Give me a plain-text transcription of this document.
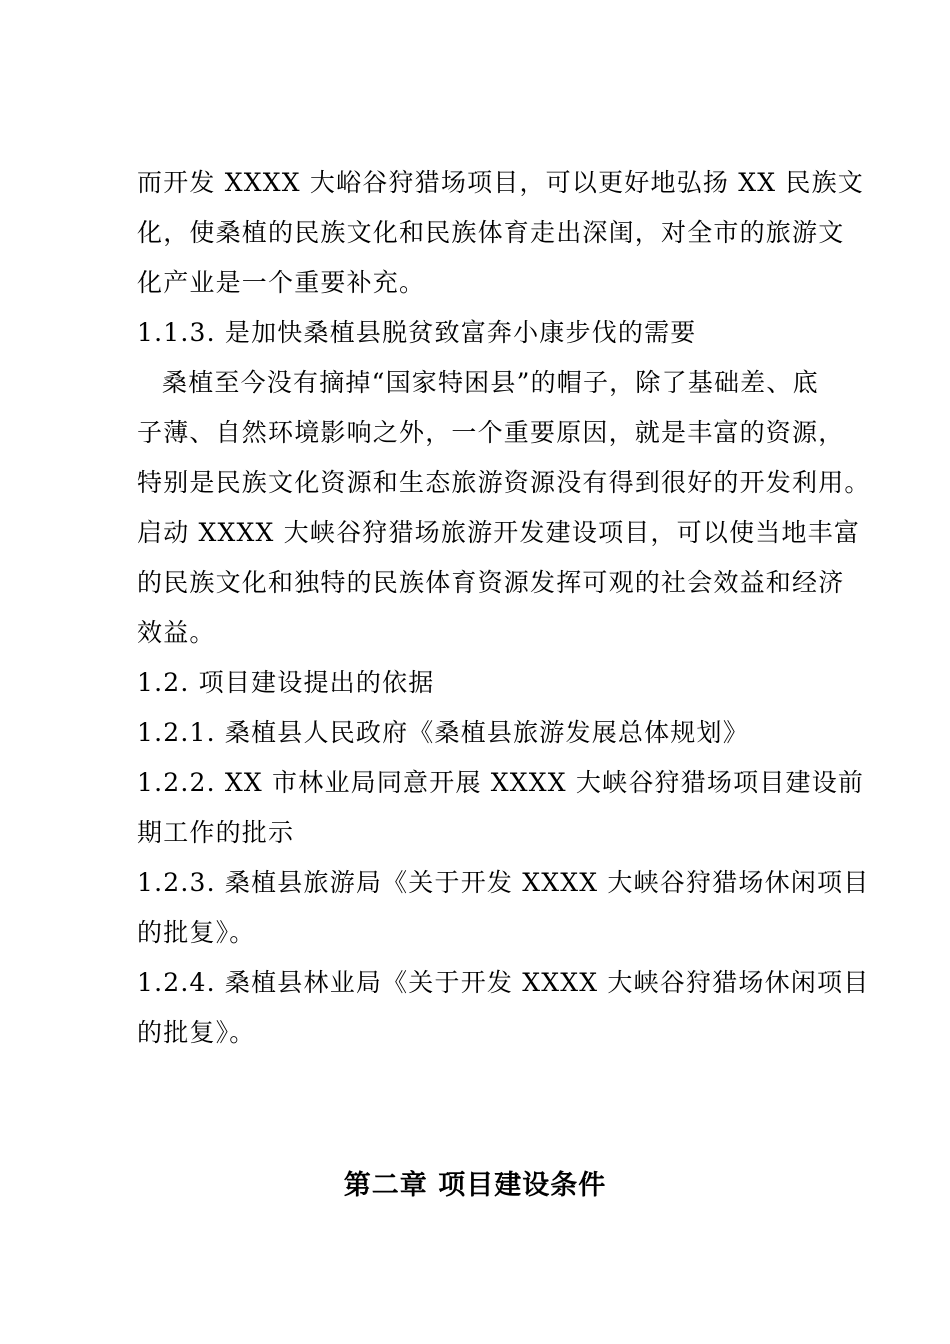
而开发 XXXX 大峪谷狩猎场项目，可以更好地弘扬 XX 民族文
化，使桑植的民族文化和民族体育走出深闺，对全市的旅游文
化产业是一个重要补充。
1.1.3. 是加快桑植县脱贫致富奔小康步伐的需要
桑植至今没有摘掉“国家特困县”的帽子，除了基础差、底
子薄、自然环境影响之外，一个重要原因，就是丰富的资源，
特别是民族文化资源和生态旅游资源没有得到很好的开发利用。
启动 XXXX 大峡谷狩猎场旅游开发建设项目，可以使当地丰富
的民族文化和独特的民族体育资源发挥可观的社会效益和经济
效益。
1.2. 项目建设提出的依据
1.2.1. 桑植县人民政府《桑植县旅游发展总体规划》
1.2.2. XX 市林业局同意开展 XXXX 大峡谷狩猎场项目建设前
期工作的批示
1.2.3. 桑植县旅游局《关于开发 XXXX 大峡谷狩猎场休闲项目
的批复》。
1.2.4. 桑植县林业局《关于开发 XXXX 大峡谷狩猎场休闲项目
的批复》。
第二章 项目建设条件
